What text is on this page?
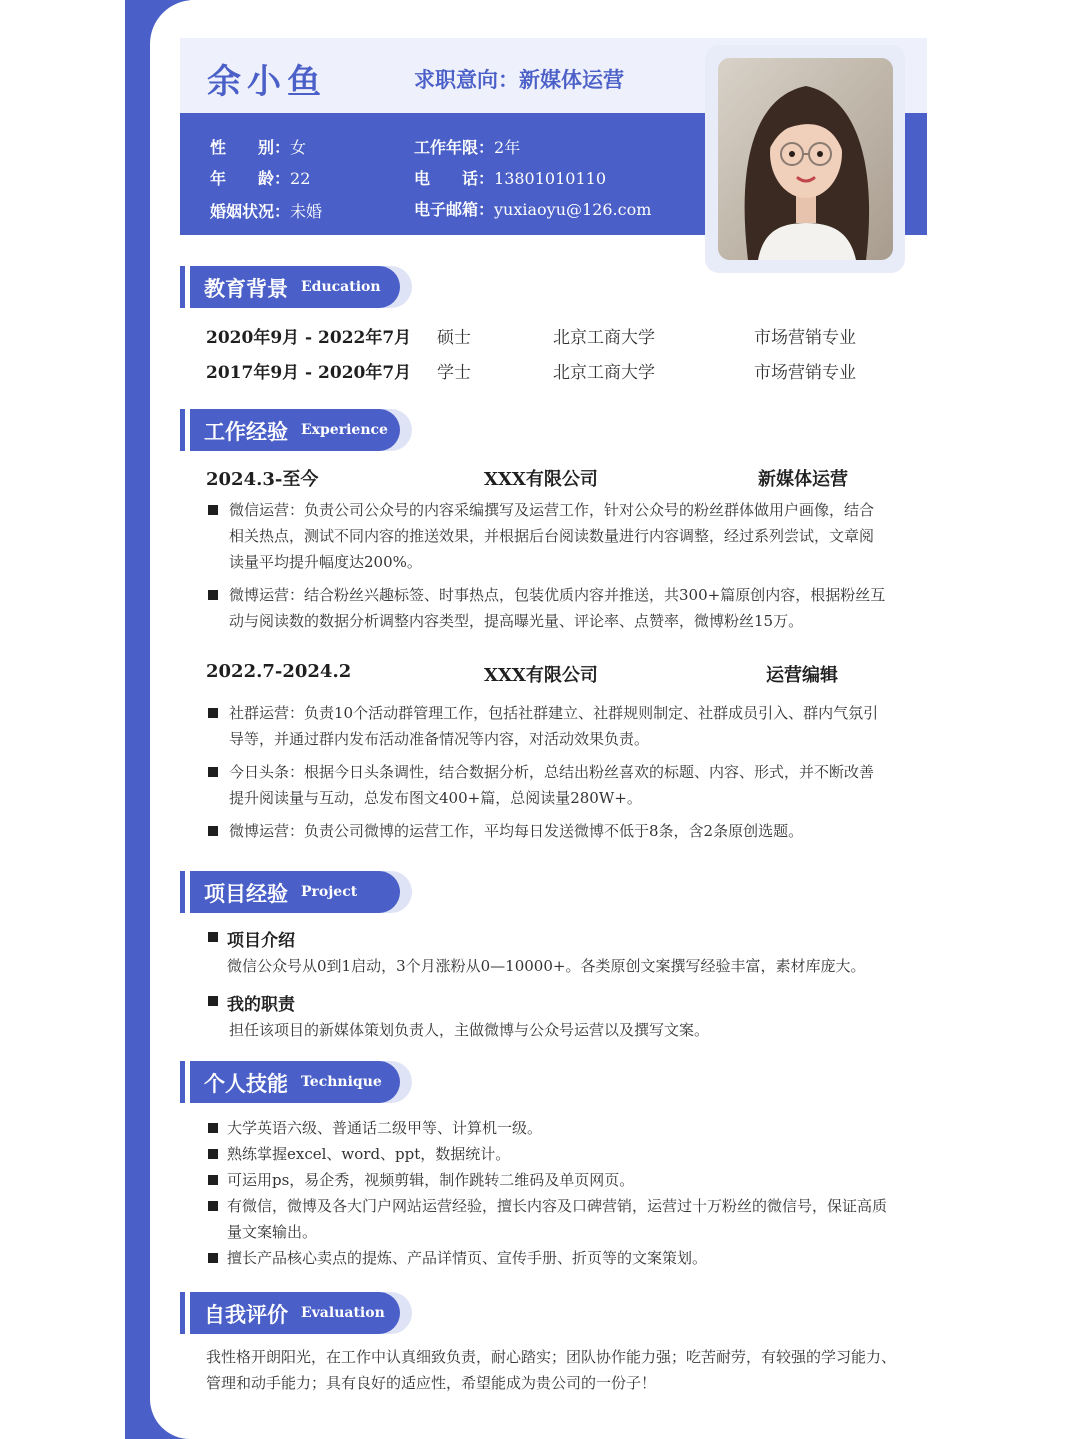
余小鱼	求职意向：新媒体运营
性　　别：女
年　　龄：22
婚姻状况：未婚
工作年限：2年
电　　话：13801010110
电子邮箱：yuxiaoyu@126.com
教育背景 Education
2020年9月 - 2022年7月 硕士	北京工商大学	市场营销专业
2017年9月 - 2020年7月 学士	北京工商大学	市场营销专业
工作经验 Experience
2024.3-至今	XXX有限公司	新媒体运营
微信运营：负责公司公众号的内容采编撰写及运营工作，针对公众号的粉丝群体做用户画像，结合
相关热点，测试不同内容的推送效果，并根据后台阅读数量进行内容调整，经过系列尝试，文章阅
读量平均提升幅度达200%。
微博运营：结合粉丝兴趣标签、时事热点，包装优质内容并推送，共300+篇原创内容，根据粉丝互
动与阅读数的数据分析调整内容类型，提高曝光量、评论率、点赞率，微博粉丝15万。
2022.7-2024.2	XXX有限公司	运营编辑
社群运营：负责10个活动群管理工作，包括社群建立、社群规则制定、社群成员引入、群内气氛引
导等，并通过群内发布活动准备情况等内容，对活动效果负责。
今日头条：根据今日头条调性，结合数据分析，总结出粉丝喜欢的标题、内容、形式，并不断改善
提升阅读量与互动，总发布图文400+篇，总阅读量280W+。
微博运营：负责公司微博的运营工作，平均每日发送微博不低于8条，含2条原创选题。
项目经验 Project
项目介绍
微信公众号从0到1启动，3个月涨粉从0—10000+。各类原创文案撰写经验丰富，素材库庞大。
我的职责
担任该项目的新媒体策划负责人，主做微博与公众号运营以及撰写文案。
个人技能 Technique
大学英语六级、普通话二级甲等、计算机一级。
熟练掌握excel、word、ppt，数据统计。
可运用ps，易企秀，视频剪辑，制作跳转二维码及单页网页。
有微信，微博及各大门户网站运营经验，擅长内容及口碑营销，运营过十万粉丝的微信号，保证高质
量文案输出。
擅长产品核心卖点的提炼、产品详情页、宣传手册、折页等的文案策划。
自我评价 Evaluation
我性格开朗阳光，在工作中认真细致负责，耐心踏实；团队协作能力强；吃苦耐劳，有较强的学习能力、
管理和动手能力；具有良好的适应性，希望能成为贵公司的一份子！
